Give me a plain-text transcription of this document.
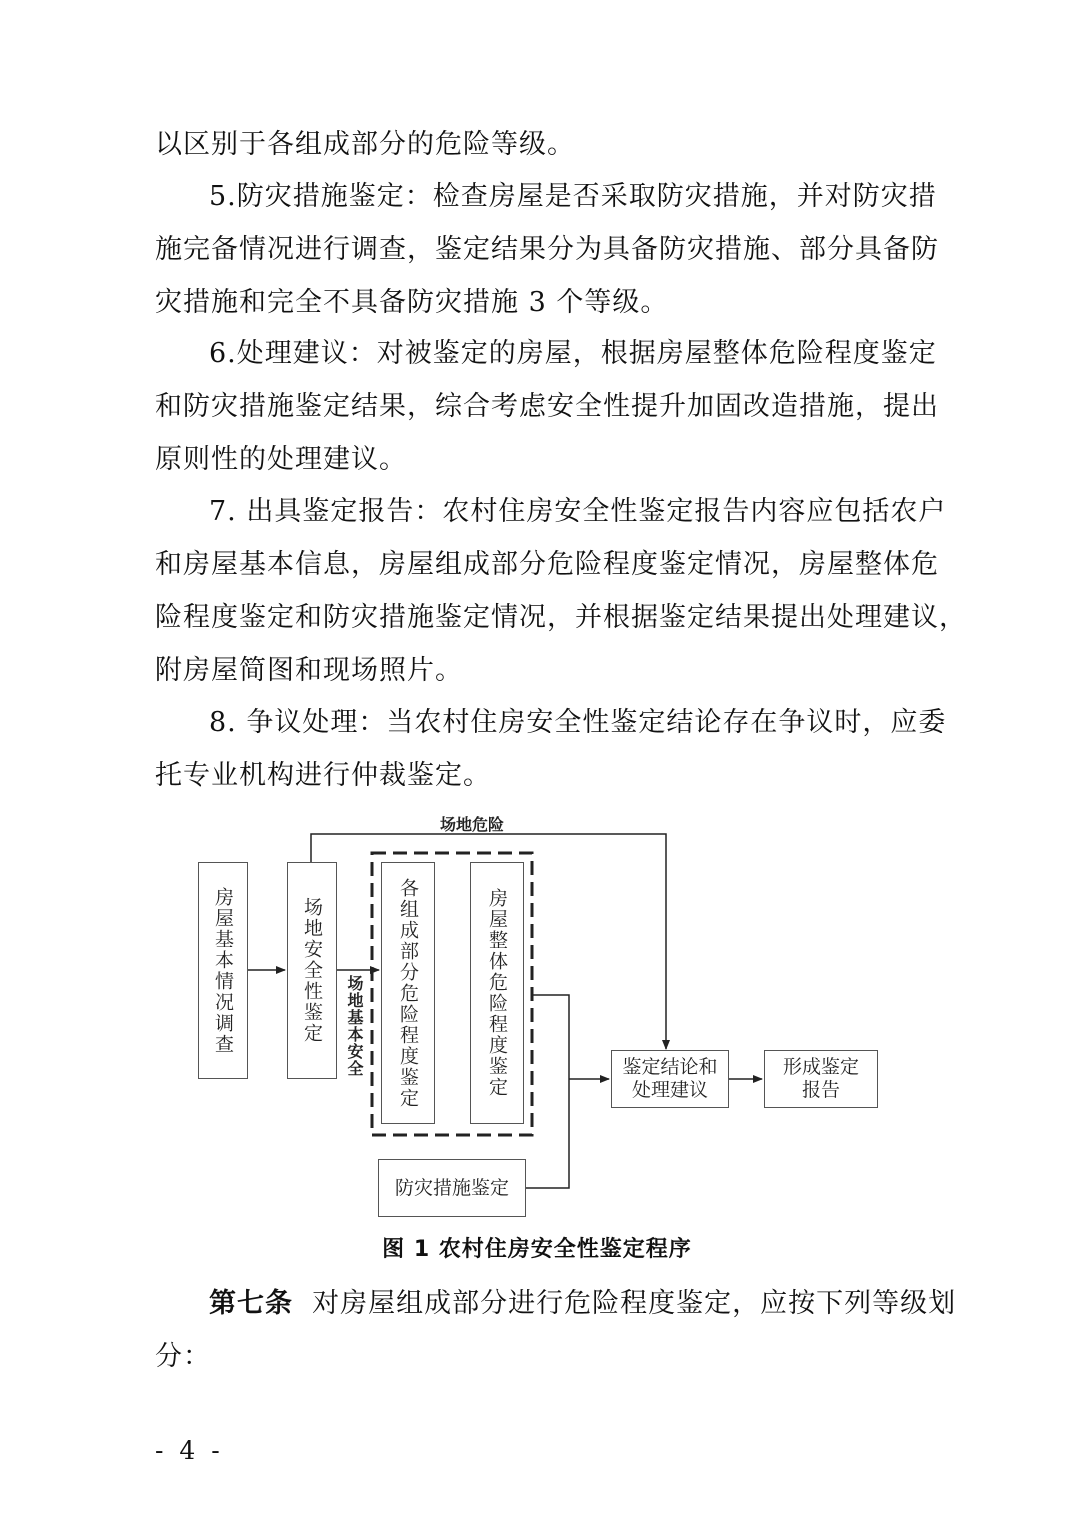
以区别于各组成部分的危险等级。

5.防灾措施鉴定：检查房屋是否采取防灾措施，并对防灾措
施完备情况进行调查，鉴定结果分为具备防灾措施、部分具备防
灾措施和完全不具备防灾措施 3 个等级。

6.处理建议：对被鉴定的房屋，根据房屋整体危险程度鉴定
和防灾措施鉴定结果，综合考虑安全性提升加固改造措施，提出
原则性的处理建议。

7. 出具鉴定报告：农村住房安全性鉴定报告内容应包括农户
和房屋基本信息，房屋组成部分危险程度鉴定情况，房屋整体危
险程度鉴定和防灾措施鉴定情况，并根据鉴定结果提出处理建议，
附房屋简图和现场照片。

8. 争议处理：当农村住房安全性鉴定结论存在争议时，应委
托专业机构进行仲裁鉴定。

房屋基本情况调查	场地安全性鉴定	各组成部分危险程度鉴定	房屋整体危险程度鉴定
防灾措施鉴定
鉴定结论和处理建议
形成鉴定报告
场地危险
场地基本安全
图 1 农村住房安全性鉴定程序

第七条 对房屋组成部分进行危险程度鉴定，应按下列等级划
分：

- 4 -
